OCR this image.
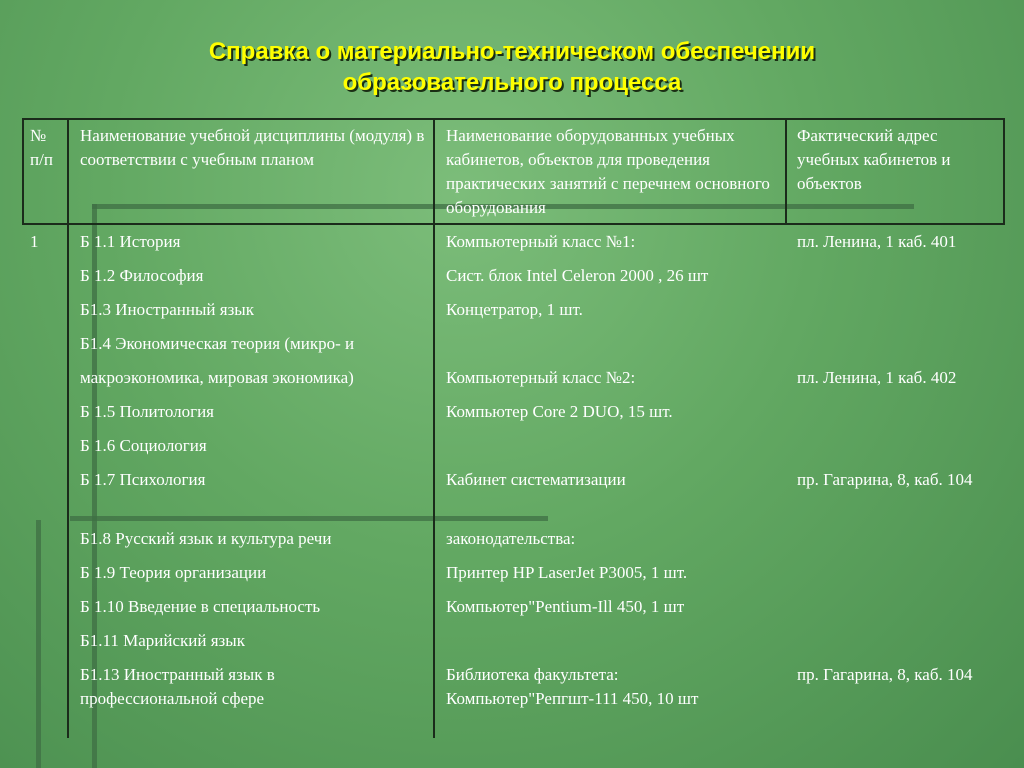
Справка о материально-техническом обеспечении
образовательного процесса
№ п/п
Наименование учебной дисциплины (модуля) в соответствии с учебным планом
Наименование оборудованных учебных кабинетов, объектов для проведения практических занятий с перечнем основного оборудования
Фактический адрес учебных кабинетов и объектов
1 Б 1.1 История
Б 1.2 Философия
Б1.3 Иностранный язык
Б1.4 Экономическая теория (микро- и
макроэкономика, мировая экономика)
Б 1.5 Политология
Б 1.6 Социология
Б 1.7 Психология
Б1.8 Русский язык и культура речи
Б 1.9 Теория организации
Б 1.10 Введение в специальность
Б1.11 Марийский язык
Б1.13 Иностранный язык в профессиональной сфере
Компьютерный класс №1:
Сист. блок Intel Celeron 2000 , 26 шт
Концетратор, 1 шт.
Компьютерный класс №2:
Компьютер Core 2 DUO, 15 шт.
Кабинет систематизации
законодательства:
Принтер HP LaserJet P3005, 1 шт.
Компьютер"Pentium-Ill 450, 1 шт
Библиотека факультета: Компьютер"Репгшт-111 450, 10 шт
пл. Ленина, 1 каб. 401
пл. Ленина, 1 каб. 402
пр. Гагарина, 8, каб. 104
пр. Гагарина, 8, каб. 104
